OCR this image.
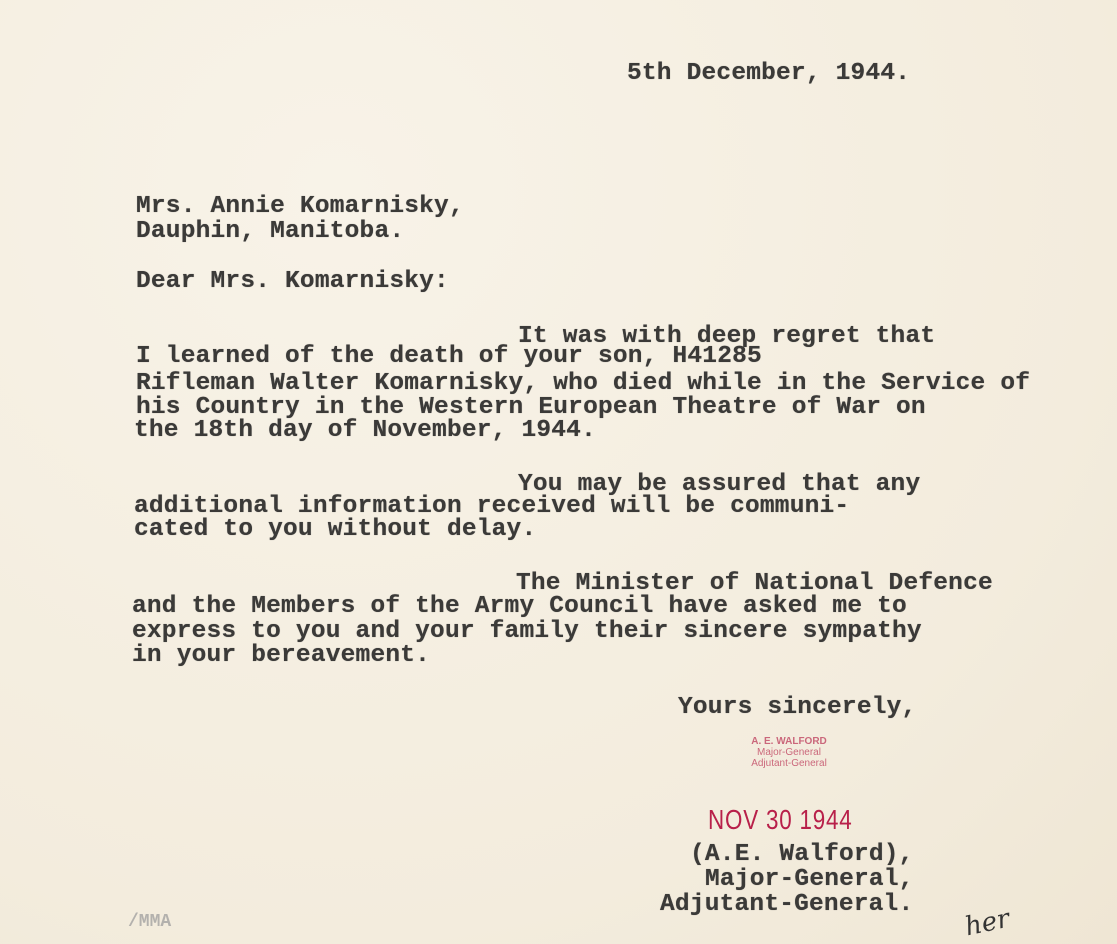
5th December, 1944.
Mrs. Annie Komarnisky,
Dauphin, Manitoba.
Dear Mrs. Komarnisky:
It was with deep regret that
I learned of the death of your son, H41285
Rifleman Walter Komarnisky, who died while in the Service of
his Country in the Western European Theatre of War on
the 18th day of November, 1944.
You may be assured that any
additional information received will be communi-
cated to you without delay.
The Minister of National Defence
and the Members of the Army Council have asked me to
express to you and your family their sincere sympathy
in your bereavement.
Yours sincerely,
A. E. WALFORD
Major-General
Adjutant-General
NOV 30 1944
(A.E. Walford),
Major-General,
Adjutant-General.
/MMA	her
